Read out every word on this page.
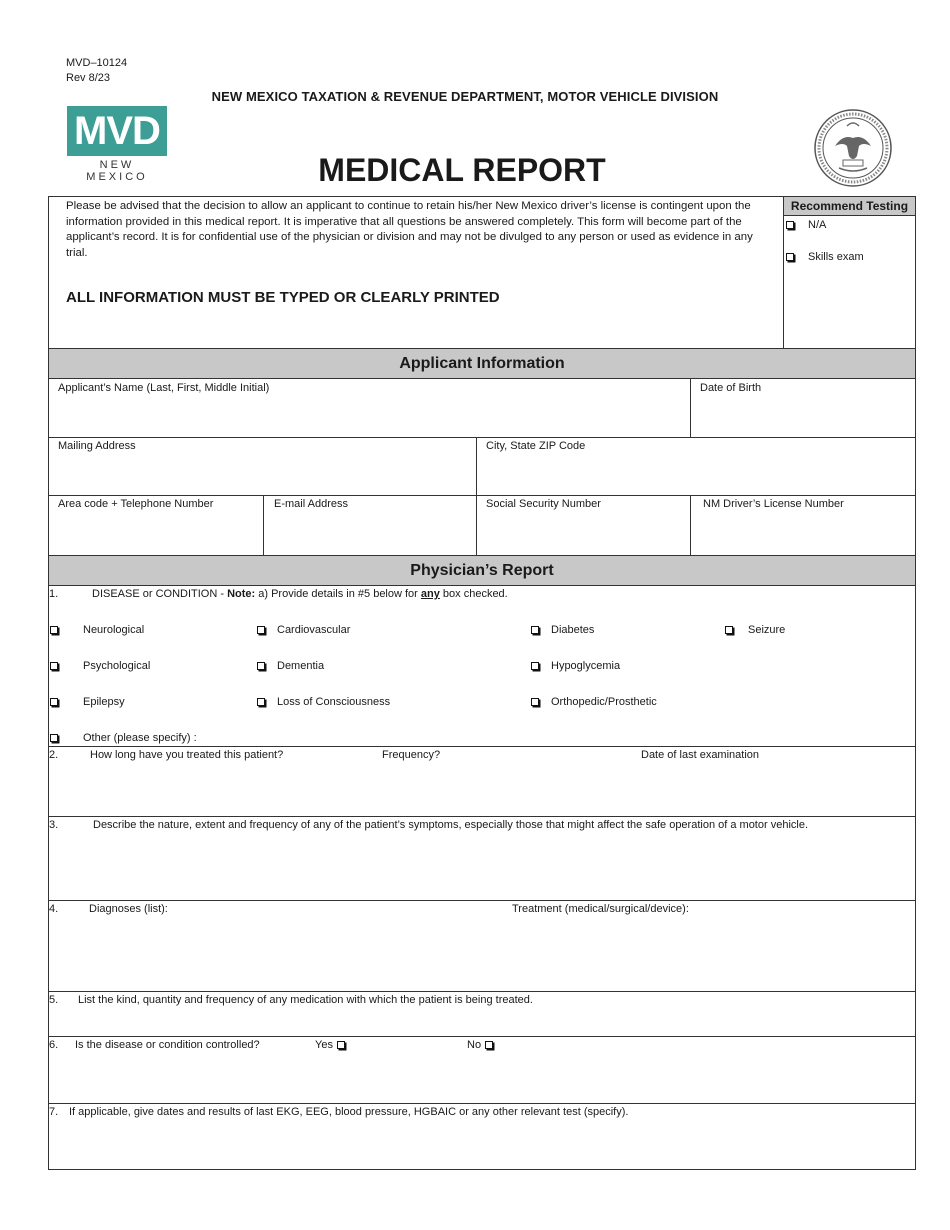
MVD–10124
Rev 8/23
NEW MEXICO TAXATION & REVENUE DEPARTMENT, MOTOR VEHICLE DIVISION
MVD
NEW MEXICO	MEDICAL REPORT
Please be advised that the decision to allow an applicant to continue to retain his/her New Mexico driver’s license is contingent upon the information provided in this medical report. It is imperative that all questions be answered completely. This form will become part of the applicant’s record. It is for confidential use of the physician or division and may not be divulged to any person or used as evidence in any trial.
ALL INFORMATION MUST BE TYPED OR CLEARLY PRINTED
Recommend Testing
N/A
Skills exam
Applicant Information
Applicant’s Name (Last, First, Middle Initial)	Date of Birth
Mailing Address	City, State ZIP Code
Area code + Telephone Number	E-mail Address	Social Security Number	NM Driver’s License Number
Physician’s Report
1.	DISEASE or CONDITION - Note: a) Provide details in #5 below for any box checked.
Neurological	Cardiovascular	Diabetes	Seizure
Psychological	Dementia	Hypoglycemia
Epilepsy	Loss of Consciousness	Orthopedic/Prosthetic
Other (please specify) :
2.	How long have you treated this patient?	Frequency?	Date of last examination
3.	Describe the nature, extent and frequency of any of the patient’s symptoms, especially those that might affect the safe operation of a motor vehicle.
4.	Diagnoses (list):	Treatment (medical/surgical/device):
5. List the kind, quantity and frequency of any medication with which the patient is being treated.
6. Is the disease or condition controlled?	Yes	No
7. If applicable, give dates and results of last EKG, EEG, blood pressure, HGBAIC or any other relevant test (specify).
